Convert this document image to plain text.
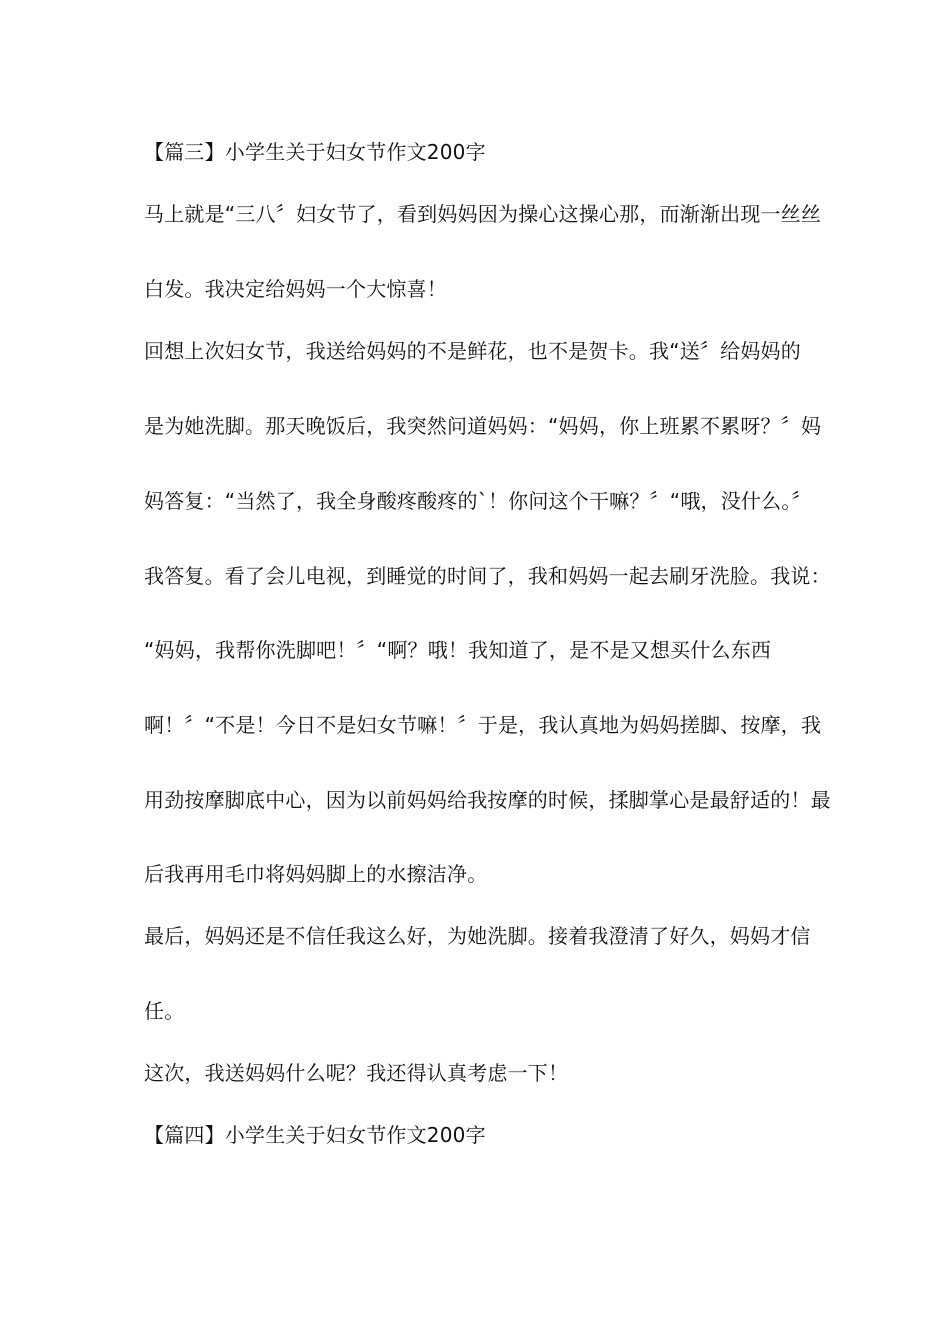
【篇三】小学生关于妇女节作文200字
马上就是“三八〞妇女节了，看到妈妈因为操心这操心那，而渐渐出现一丝丝
白发。我决定给妈妈一个大惊喜！
回想上次妇女节，我送给妈妈的不是鲜花，也不是贺卡。我“送〞给妈妈的
是为她洗脚。那天晚饭后，我突然问道妈妈：“妈妈，你上班累不累呀？〞妈
妈答复：“当然了，我全身酸疼酸疼的`！你问这个干嘛？〞“哦，没什么。〞
我答复。看了会儿电视，到睡觉的时间了，我和妈妈一起去刷牙洗脸。我说：
“妈妈，我帮你洗脚吧！〞“啊？哦！我知道了，是不是又想买什么东西
啊！〞“不是！今日不是妇女节嘛！〞于是，我认真地为妈妈搓脚、按摩，我
用劲按摩脚底中心，因为以前妈妈给我按摩的时候，揉脚掌心是最舒适的！最
后我再用毛巾将妈妈脚上的水擦洁净。
最后，妈妈还是不信任我这么好，为她洗脚。接着我澄清了好久，妈妈才信
任。
这次，我送妈妈什么呢？我还得认真考虑一下！
【篇四】小学生关于妇女节作文200字
